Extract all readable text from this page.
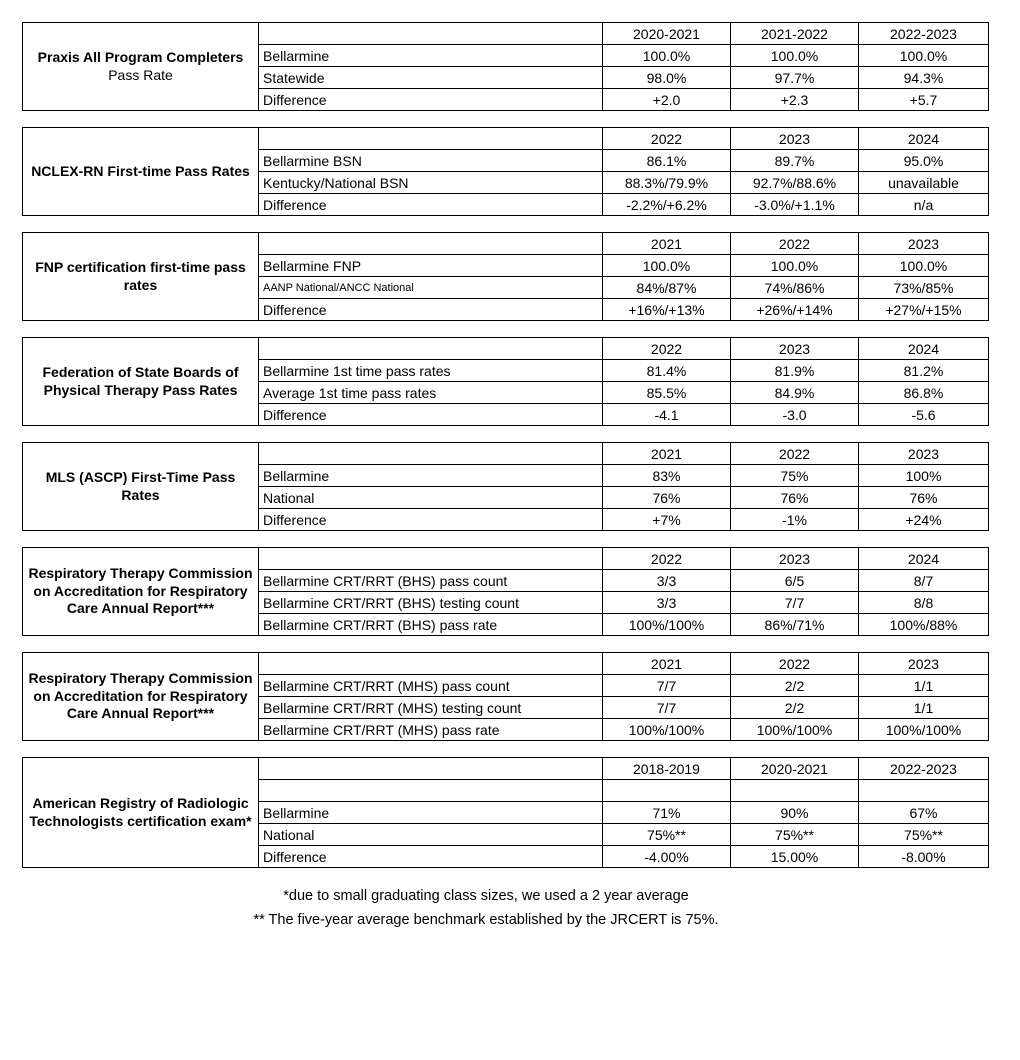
Praxis All Program Completers Pass Rate		2020-2021	2021-2022	2022-2023
	Bellarmine	100.0%	100.0%	100.0%
	Statewide	98.0%	97.7%	94.3%
	Difference	+2.0	+2.3	+5.7
NCLEX-RN First-time Pass Rates		2022	2023	2024
	Bellarmine BSN	86.1%	89.7%	95.0%
	Kentucky/National BSN	88.3%/79.9%	92.7%/88.6%	unavailable
	Difference	-2.2%/+6.2%	-3.0%/+1.1%	n/a
FNP certification first-time pass rates		2021	2022	2023
	Bellarmine FNP	100.0%	100.0%	100.0%
	AANP National/ANCC National	84%/87%	74%/86%	73%/85%
	Difference	+16%/+13%	+26%/+14%	+27%/+15%
Federation of State Boards of Physical Therapy Pass Rates		2022	2023	2024
	Bellarmine 1st time pass rates	81.4%	81.9%	81.2%
	Average 1st time pass rates	85.5%	84.9%	86.8%
	Difference	-4.1	-3.0	-5.6
MLS (ASCP) First-Time Pass Rates		2021	2022	2023
	Bellarmine	83%	75%	100%
	National	76%	76%	76%
	Difference	+7%	-1%	+24%
Respiratory Therapy Commission on Accreditation for Respiratory Care Annual Report***		2022	2023	2024
	Bellarmine CRT/RRT (BHS) pass count	3/3	6/5	8/7
	Bellarmine CRT/RRT (BHS) testing count	3/3	7/7	8/8
	Bellarmine CRT/RRT (BHS) pass rate	100%/100%	86%/71%	100%/88%
Respiratory Therapy Commission on Accreditation for Respiratory Care Annual Report***		2021	2022	2023
	Bellarmine CRT/RRT (MHS) pass count	7/7	2/2	1/1
	Bellarmine CRT/RRT (MHS) testing count	7/7	2/2	1/1
	Bellarmine CRT/RRT (MHS) pass rate	100%/100%	100%/100%	100%/100%
American Registry of Radiologic Technologists certification exam*		2018-2019	2020-2021	2022-2023

	Bellarmine	71%	90%	67%
	National	75%**	75%**	75%**
	Difference	-4.00%	15.00%	-8.00%
*due to small graduating class sizes, we used a 2 year average
** The five-year average benchmark established by the JRCERT is 75%.
